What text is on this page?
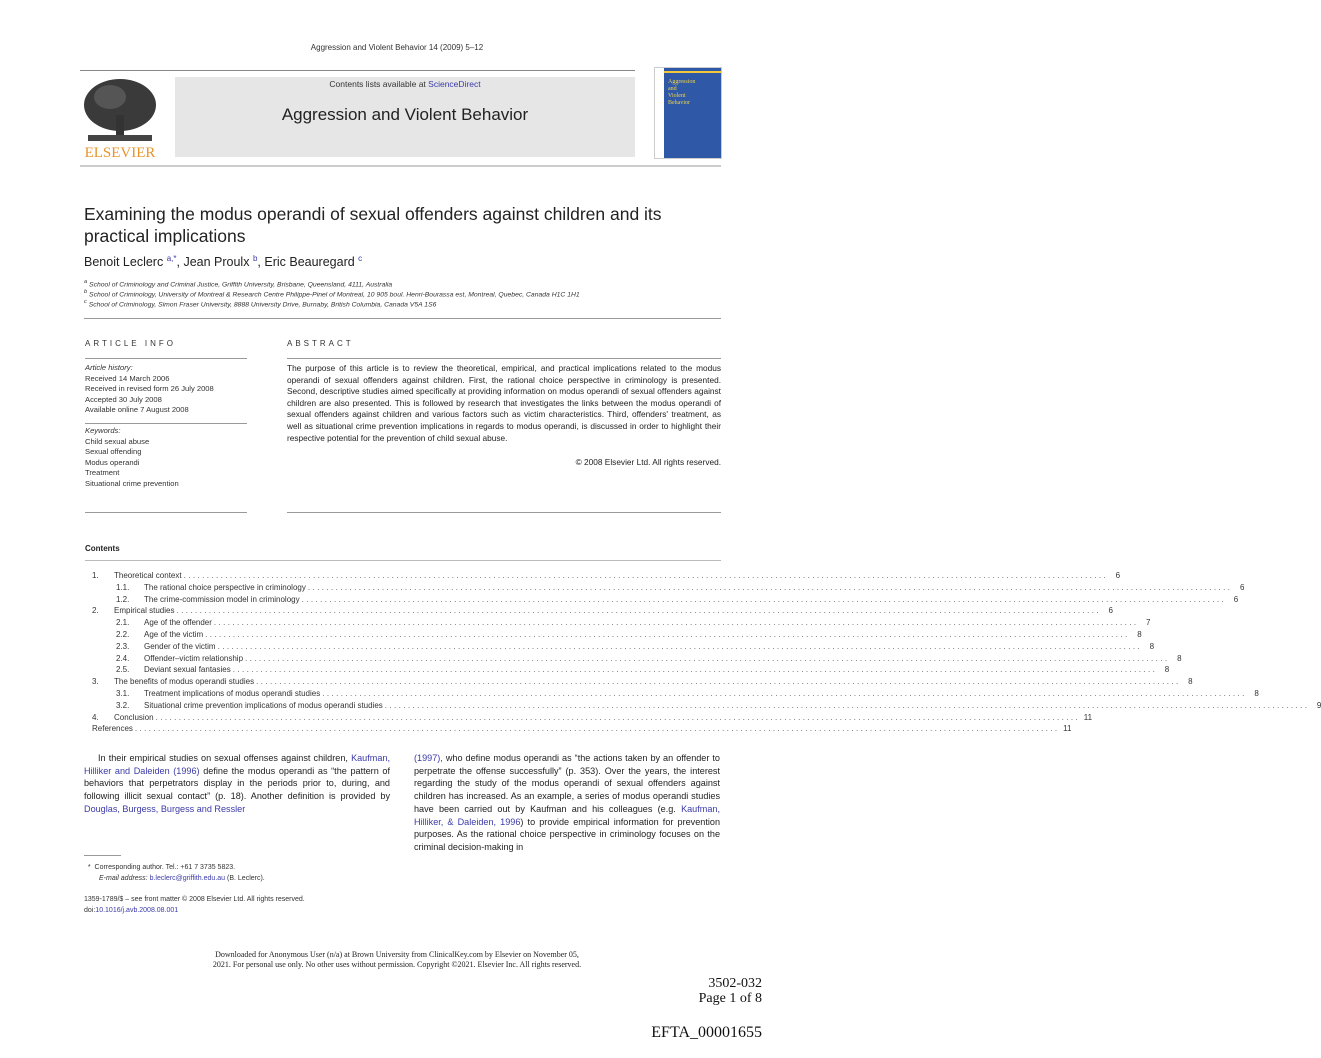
Aggression and Violent Behavior 14 (2009) 5–12
ELSEVIER
Contents lists available at ScienceDirect
Aggression and Violent Behavior
Aggression
and
Violent
Behavior
Examining the modus operandi of sexual offenders against children and its practical implications
Benoit Leclerc $^{a,*}$, Jean Proulx $^b$, Eric Beauregard $^c$
$^a$ School of Criminology and Criminal Justice, Griffith University, Brisbane, Queensland, 4111, Australia
$^b$ School of Criminology, University of Montreal & Research Centre Philippe-Pinel of Montreal, 10 905 boul. Henri-Bourassa est, Montreal, Quebec, Canada H1C 1H1
$^c$ School of Criminology, Simon Fraser University, 8888 University Drive, Burnaby, British Columbia, Canada V5A 1S6
ARTICLE INFO	ABSTRACT
Article history:
Received 14 March 2006
Received in revised form 26 July 2008
Accepted 30 July 2008
Available online 7 August 2008
Keywords:
Child sexual abuse
Sexual offending
Modus operandi
Treatment
Situational crime prevention
The purpose of this article is to review the theoretical, empirical, and practical implications related to the modus operandi of sexual offenders against children. First, the rational choice perspective in criminology is presented. Second, descriptive studies aimed specifically at providing information on modus operandi of sexual offenders against children are also presented. This is followed by research that investigates the links between the modus operandi of sexual offenders against children and various factors such as victim characteristics. Third, offenders' treatment, as well as situational crime prevention implications in regards to modus operandi, is discussed in order to highlight their respective potential for the prevention of child sexual abuse.
© 2008 Elsevier Ltd. All rights reserved.
Contents
1.	Theoretical context ........................................................................................................................................................................................................ 6
1.1.	The rational choice perspective in criminology ........................................................................................................................................................................................................ 6
1.2.	The crime-commission model in criminology ........................................................................................................................................................................................................ 6
2.	Empirical studies ........................................................................................................................................................................................................ 6
2.1.	Age of the offender ........................................................................................................................................................................................................ 7
2.2.	Age of the victim ........................................................................................................................................................................................................ 8
2.3.	Gender of the victim ........................................................................................................................................................................................................ 8
2.4.	Offender–victim relationship ........................................................................................................................................................................................................ 8
2.5.	Deviant sexual fantasies ........................................................................................................................................................................................................ 8
3.	The benefits of modus operandi studies ........................................................................................................................................................................................................ 8
3.1.	Treatment implications of modus operandi studies ........................................................................................................................................................................................................ 8
3.2.	Situational crime prevention implications of modus operandi studies ........................................................................................................................................................................................................ 9
4.	Conclusion ........................................................................................................................................................................................................ 11
References ........................................................................................................................................................................................................ 11
In their empirical studies on sexual offenses against children, Kaufman, Hilliker and Daleiden (1996) define the modus operandi as “the pattern of behaviors that perpetrators display in the periods prior to, during, and following illicit sexual contact” (p. 18). Another definition is provided by Douglas, Burgess, Burgess and Ressler
(1997), who define modus operandi as “the actions taken by an offender to perpetrate the offense successfully” (p. 353). Over the years, the interest regarding the study of the modus operandi of sexual offenders against children has increased. As an example, a series of modus operandi studies have been carried out by Kaufman and his colleagues (e.g. Kaufman, Hilliker, & Daleiden, 1996) to provide empirical information for prevention purposes. As the rational choice perspective in criminology focuses on the criminal decision-making in
* Corresponding author. Tel.: +61 7 3735 5823.
E-mail address: b.leclerc@griffith.edu.au (B. Leclerc).
1359-1789/$ – see front matter © 2008 Elsevier Ltd. All rights reserved.
doi:10.1016/j.avb.2008.08.001
Downloaded for Anonymous User (n/a) at Brown University from ClinicalKey.com by Elsevier on November 05,
2021. For personal use only. No other uses without permission. Copyright ©2021. Elsevier Inc. All rights reserved.
3502-032
Page 1 of 8
EFTA_00001655
